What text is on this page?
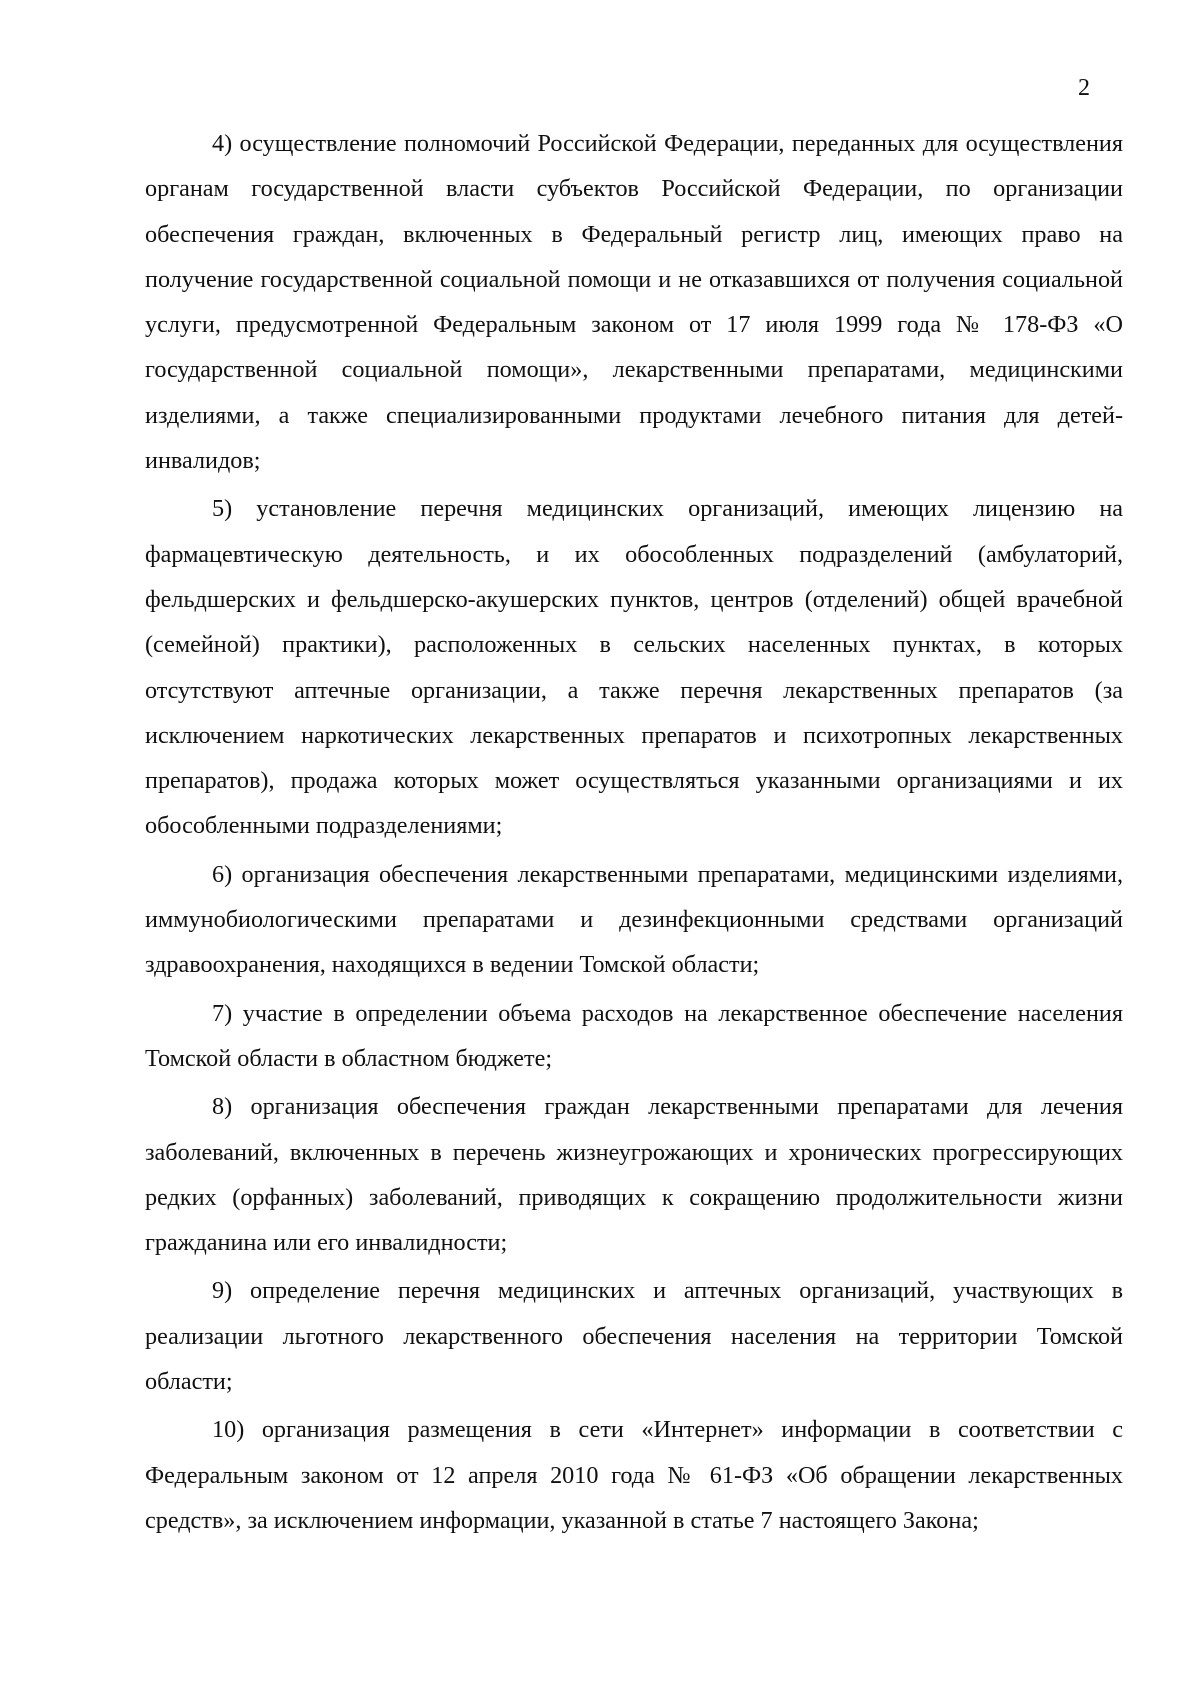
2

4) осуществление полномочий Российской Федерации, переданных для осуществления органам государственной власти субъектов Российской Федерации, по организации обеспечения граждан, включенных в Федеральный регистр лиц, имеющих право на получение государственной социальной помощи и не отказавшихся от получения социальной услуги, предусмотренной Федеральным законом от 17 июля 1999 года № 178-ФЗ «О государственной социальной помощи», лекарственными препаратами, медицинскими изделиями, а также специализированными продуктами лечебного питания для детей-инвалидов;

5) установление перечня медицинских организаций, имеющих лицензию на фармацевтическую деятельность, и их обособленных подразделений (амбулаторий, фельдшерских и фельдшерско-акушерских пунктов, центров (отделений) общей врачебной (семейной) практики), расположенных в сельских населенных пунктах, в которых отсутствуют аптечные организации, а также перечня лекарственных препаратов (за исключением наркотических лекарственных препаратов и психотропных лекарственных препаратов), продажа которых может осуществляться указанными организациями и их обособленными подразделениями;

6) организация обеспечения лекарственными препаратами, медицинскими изделиями, иммунобиологическими препаратами и дезинфекционными средствами организаций здравоохранения, находящихся в ведении Томской области;

7) участие в определении объема расходов на лекарственное обеспечение населения Томской области в областном бюджете;

8) организация обеспечения граждан лекарственными препаратами для лечения заболеваний, включенных в перечень жизнеугрожающих и хронических прогрессирующих редких (орфанных) заболеваний, приводящих к сокращению продолжительности жизни гражданина или его инвалидности;

9) определение перечня медицинских и аптечных организаций, участвующих в реализации льготного лекарственного обеспечения населения на территории Томской области;

10) организация размещения в сети «Интернет» информации в соответствии с Федеральным законом от 12 апреля 2010 года № 61-ФЗ «Об обращении лекарственных средств», за исключением информации, указанной в статье 7 настоящего Закона;
